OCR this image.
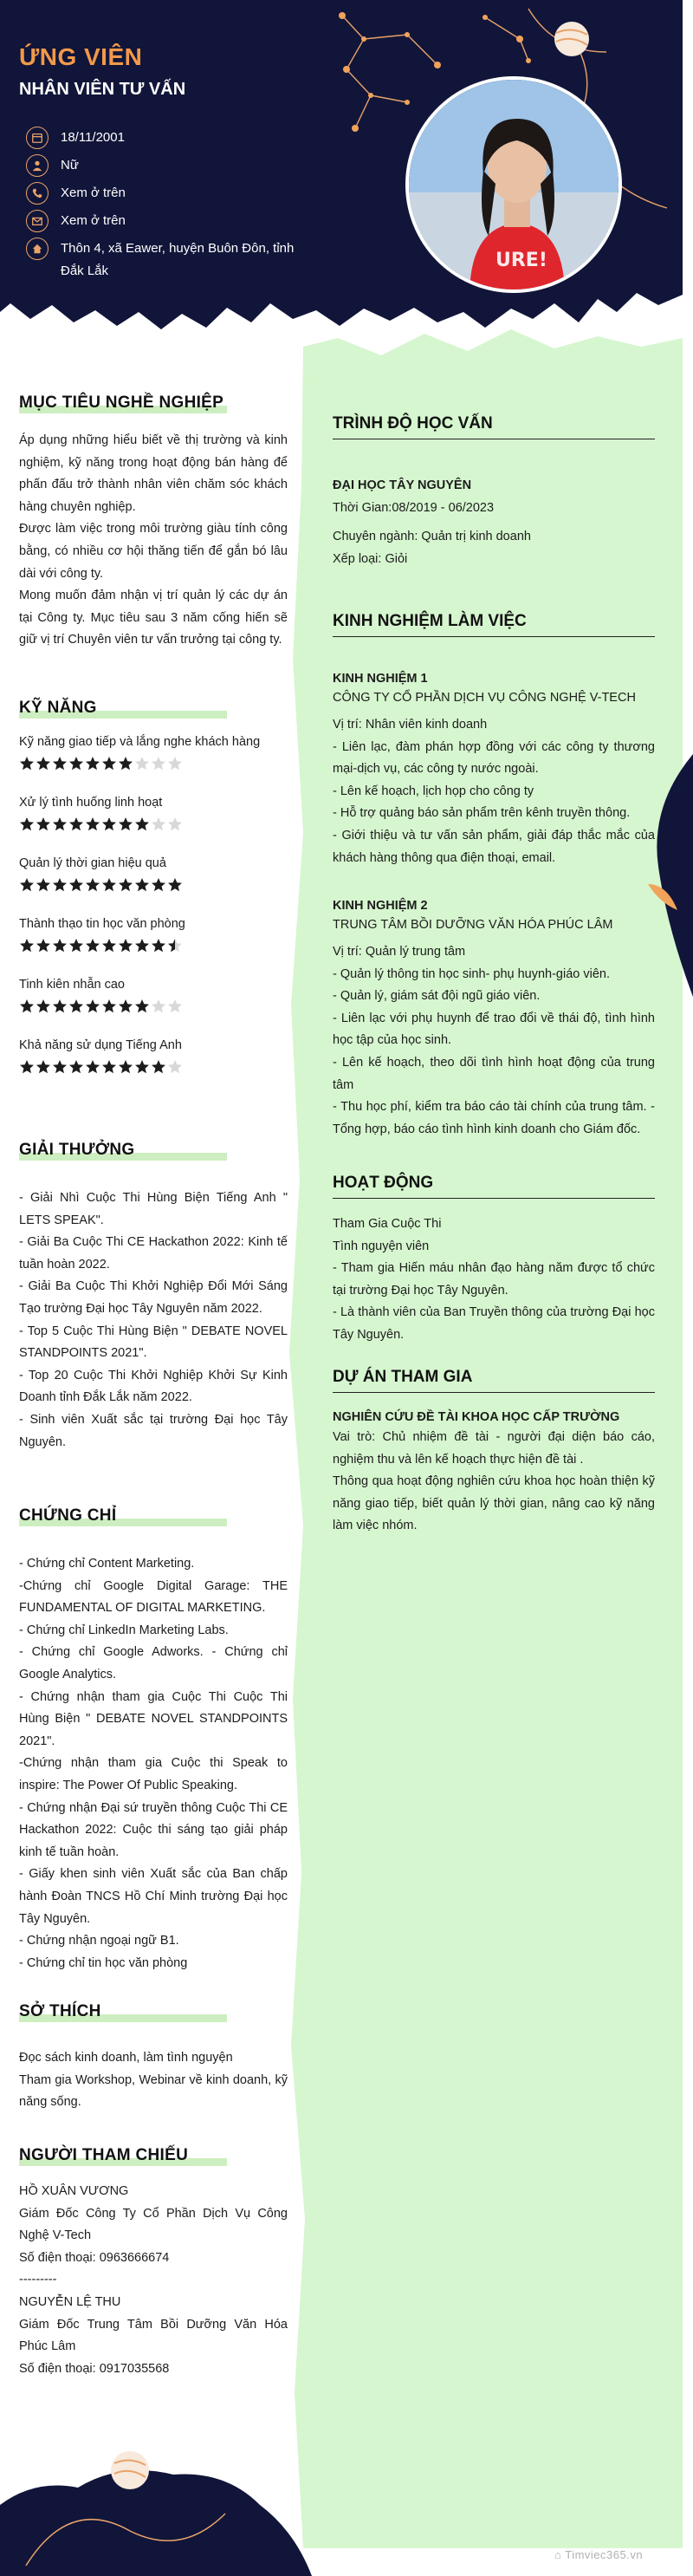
ỨNG VIÊN
NHÂN VIÊN TƯ VẤN
18/11/2001
Nữ
Xem ở trên
Xem ở trên
Thôn 4, xã Eawer, huyện Buôn Đôn, tỉnh Đắk Lắk	URE!
MỤC TIÊU NGHỀ NGHIỆP
Áp dụng những hiểu biết về thị trường và kinh nghiệm, kỹ năng trong hoạt động bán hàng để phấn đấu trở thành nhân viên chăm sóc khách hàng chuyên nghiệp.
Được làm việc trong môi trường giàu tính công bằng, có nhiều cơ hội thăng tiến để gắn bó lâu dài với công ty.
Mong muốn đảm nhận vị trí quản lý các dự án tại Công ty. Mục tiêu sau 3 năm cống hiến sẽ giữ vị trí Chuyên viên tư vấn trưởng tại công ty.
KỸ NĂNG
Kỹ năng giao tiếp và lắng nghe khách hàng
Xử lý tình huống linh hoạt
Quản lý thời gian hiệu quả
Thành thạo tin học văn phòng
Tinh kiên nhẫn cao
Khả năng sử dụng Tiếng Anh
GIẢI THƯỞNG
- Giải Nhì Cuộc Thi Hùng Biện Tiếng Anh " LETS SPEAK".
- Giải Ba Cuộc Thi CE Hackathon 2022: Kinh tế tuần hoàn 2022.
- Giải Ba Cuộc Thi Khởi Nghiệp Đổi Mới Sáng Tạo trường Đại học Tây Nguyên năm 2022.
- Top 5 Cuộc Thi Hùng Biện " DEBATE NOVEL STANDPOINTS 2021".
- Top 20 Cuộc Thi Khởi Nghiệp Khởi Sự Kinh Doanh tỉnh Đắk Lắk năm 2022.
- Sinh viên Xuất sắc tại trường Đại học Tây Nguyên.
CHỨNG CHỈ
- Chứng chỉ Content Marketing.
-Chứng chỉ Google Digital Garage: THE FUNDAMENTAL OF DIGITAL MARKETING.
- Chứng chỉ LinkedIn Marketing Labs.
- Chứng chỉ Google Adworks. - Chứng chỉ Google Analytics.
- Chứng nhận tham gia Cuộc Thi Cuộc Thi Hùng Biện " DEBATE NOVEL STANDPOINTS 2021".
-Chứng nhận tham gia Cuộc thi Speak to inspire: The Power Of Public Speaking.
- Chứng nhận Đại sứ truyền thông Cuộc Thi CE Hackathon 2022: Cuộc thi sáng tạo giải pháp kinh tế tuần hoàn.
- Giấy khen sinh viên Xuất sắc của Ban chấp hành Đoàn TNCS Hồ Chí Minh trường Đại học Tây Nguyên.
- Chứng nhận ngoại ngữ B1.
- Chứng chỉ tin học văn phòng
SỞ THÍCH
Đọc sách kinh doanh, làm tình nguyện
Tham gia Workshop, Webinar về kinh doanh, kỹ năng sống.
NGƯỜI THAM CHIẾU
HỒ XUÂN VƯƠNG
Giám Đốc Công Ty Cổ Phần Dịch Vụ Công Nghệ V-Tech
Số điện thoại: 0963666674
---------
NGUYỄN LỆ THU
Giám Đốc Trung Tâm Bồi Dưỡng Văn Hóa Phúc Lâm
Số điện thoại: 0917035568
TRÌNH ĐỘ HỌC VẤN
ĐẠI HỌC TÂY NGUYÊN
Thời Gian:08/2019 - 06/2023
Chuyên ngành: Quản trị kinh doanh
Xếp loại: Giỏi
KINH NGHIỆM LÀM VIỆC
KINH NGHIỆM 1
CÔNG TY CỔ PHẦN DỊCH VỤ CÔNG NGHỆ V-TECH
Vị trí: Nhân viên kinh doanh
- Liên lạc, đàm phán hợp đồng với các công ty thương mại-dịch vụ, các công ty nước ngoài.
- Lên kế hoạch, lịch họp cho công ty
- Hỗ trợ quảng báo sản phẩm trên kênh truyền thông.
- Giới thiệu và tư vấn sản phẩm, giải đáp thắc mắc của khách hàng thông qua điện thoại, email.
KINH NGHIỆM 2
TRUNG TÂM BỒI DƯỠNG VĂN HÓA PHÚC LÂM
Vị trí: Quản lý trung tâm
- Quản lý thông tin học sinh- phụ huynh-giáo viên.
- Quản lý, giám sát đội ngũ giáo viên.
- Liên lạc với phụ huynh để trao đổi về thái độ, tình hình học tập của học sinh.
- Lên kế hoạch, theo dõi tình hình hoạt động của trung tâm
- Thu học phí, kiểm tra báo cáo tài chính của trung tâm. - Tổng hợp, báo cáo tình hình kinh doanh cho Giám đốc.
HOẠT ĐỘNG
Tham Gia Cuộc Thi
Tình nguyện viên
- Tham gia Hiến máu nhân đạo hàng năm được tổ chức tại trường Đại học Tây Nguyên.
- Là thành viên của Ban Truyền thông của trường Đại học Tây Nguyên.
DỰ ÁN THAM GIA
NGHIÊN CỨU ĐỀ TÀI KHOA HỌC CẤP TRƯỜNG
Vai trò: Chủ nhiệm đề tài - người đại diện báo cáo, nghiệm thu và lên kế hoạch thực hiện đề tài .
Thông qua hoạt động nghiên cứu khoa học hoàn thiện kỹ năng giao tiếp, biết quản lý thời gian, nâng cao kỹ năng làm việc nhóm.
⌂ Timviec365.vn
